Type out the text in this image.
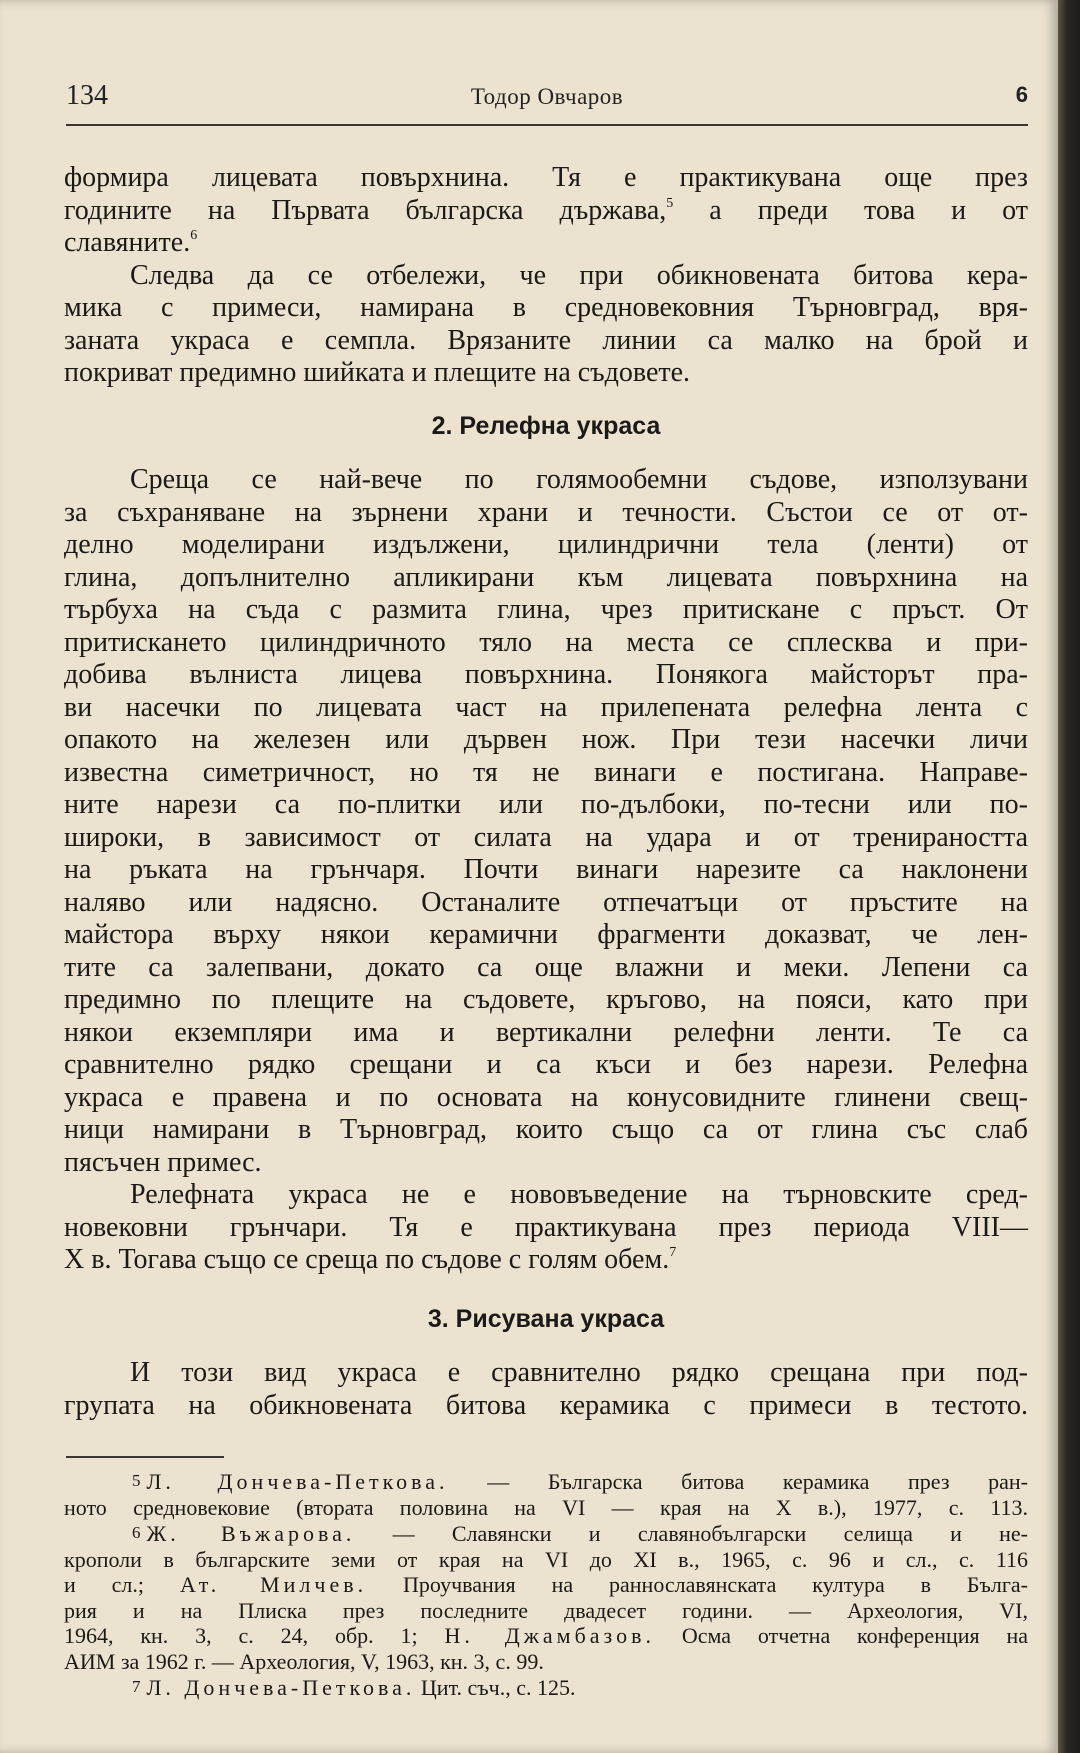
134	Тодор Овчаров	6
формира лицевата повърхнина. Тя е практикувана още през
годините на Първата българска държава,$^5$ а преди това и от
славяните.$^6$
Следва да се отбележи, че при обикновената битова кера-
мика с примеси, намирана в средновековния Търновград, вря-
заната украса е семпла. Врязаните линии са малко на брой и
покриват предимно шийката и плещите на съдовете.
2. Релефна украса
Среща се най-вече по голямообемни съдове, използувани
за съхраняване на зърнени храни и течности. Състои се от от-
делно моделирани издължени, цилиндрични тела (ленти) от
глина, допълнително апликирани към лицевата повърхнина на
търбуха на съда с размита глина, чрез притискане с пръст. От
притискането цилиндричното тяло на места се сплесква и при-
добива вълниста лицева повърхнина. Понякога майсторът пра-
ви насечки по лицевата част на прилепената релефна лента с
опакото на железен или дървен нож. При тези насечки личи
известна симетричност, но тя не винаги е постигана. Направе-
ните нарези са по-плитки или по-дълбоки, по-тесни или по-
широки, в зависимост от силата на удара и от тренираността
на ръката на грънчаря. Почти винаги нарезите са наклонени
наляво или надясно. Останалите отпечатъци от пръстите на
майстора върху някои керамични фрагменти доказват, че лен-
тите са залепвани, докато са още влажни и меки. Лепени са
предимно по плещите на съдовете, кръгово, на пояси, като при
някои екземпляри има и вертикални релефни ленти. Те са
сравнително рядко срещани и са къси и без нарези. Релефна
украса е правена и по основата на конусовидните глинени свещ-
ници намирани в Търновград, които също са от глина със слаб
пясъчен примес.
Релефната украса не е нововъведение на търновските сред-
новековни грънчари. Тя е практикувана през периода VIII—
X в. Тогава също се среща по съдове с голям обем.$^7$
3. Рисувана украса
И този вид украса е сравнително рядко срещана при под-
групата на обикновената битова керамика с примеси в тестото.
5 Л. Дончева-Петкова. — Българска битова керамика през ран-
ното средновековие (втората половина на VI — края на X в.), 1977, с. 113.
6 Ж. Въжарова. — Славянски и славянобългарски селища и не-
крополи в българските земи от края на VI до XI в., 1965, с. 96 и сл., с. 116
и сл.; Ат. Милчев. Проучвания на раннославянската култура в Бълга-
рия и на Плиска през последните двадесет години. — Археология, VI,
1964, кн. 3, с. 24, обр. 1; Н. Джамбазов. Осма отчетна конференция на
АИМ за 1962 г. — Археология, V, 1963, кн. 3, с. 99.
7 Л. Дончева-Петкова. Цит. съч., с. 125.
